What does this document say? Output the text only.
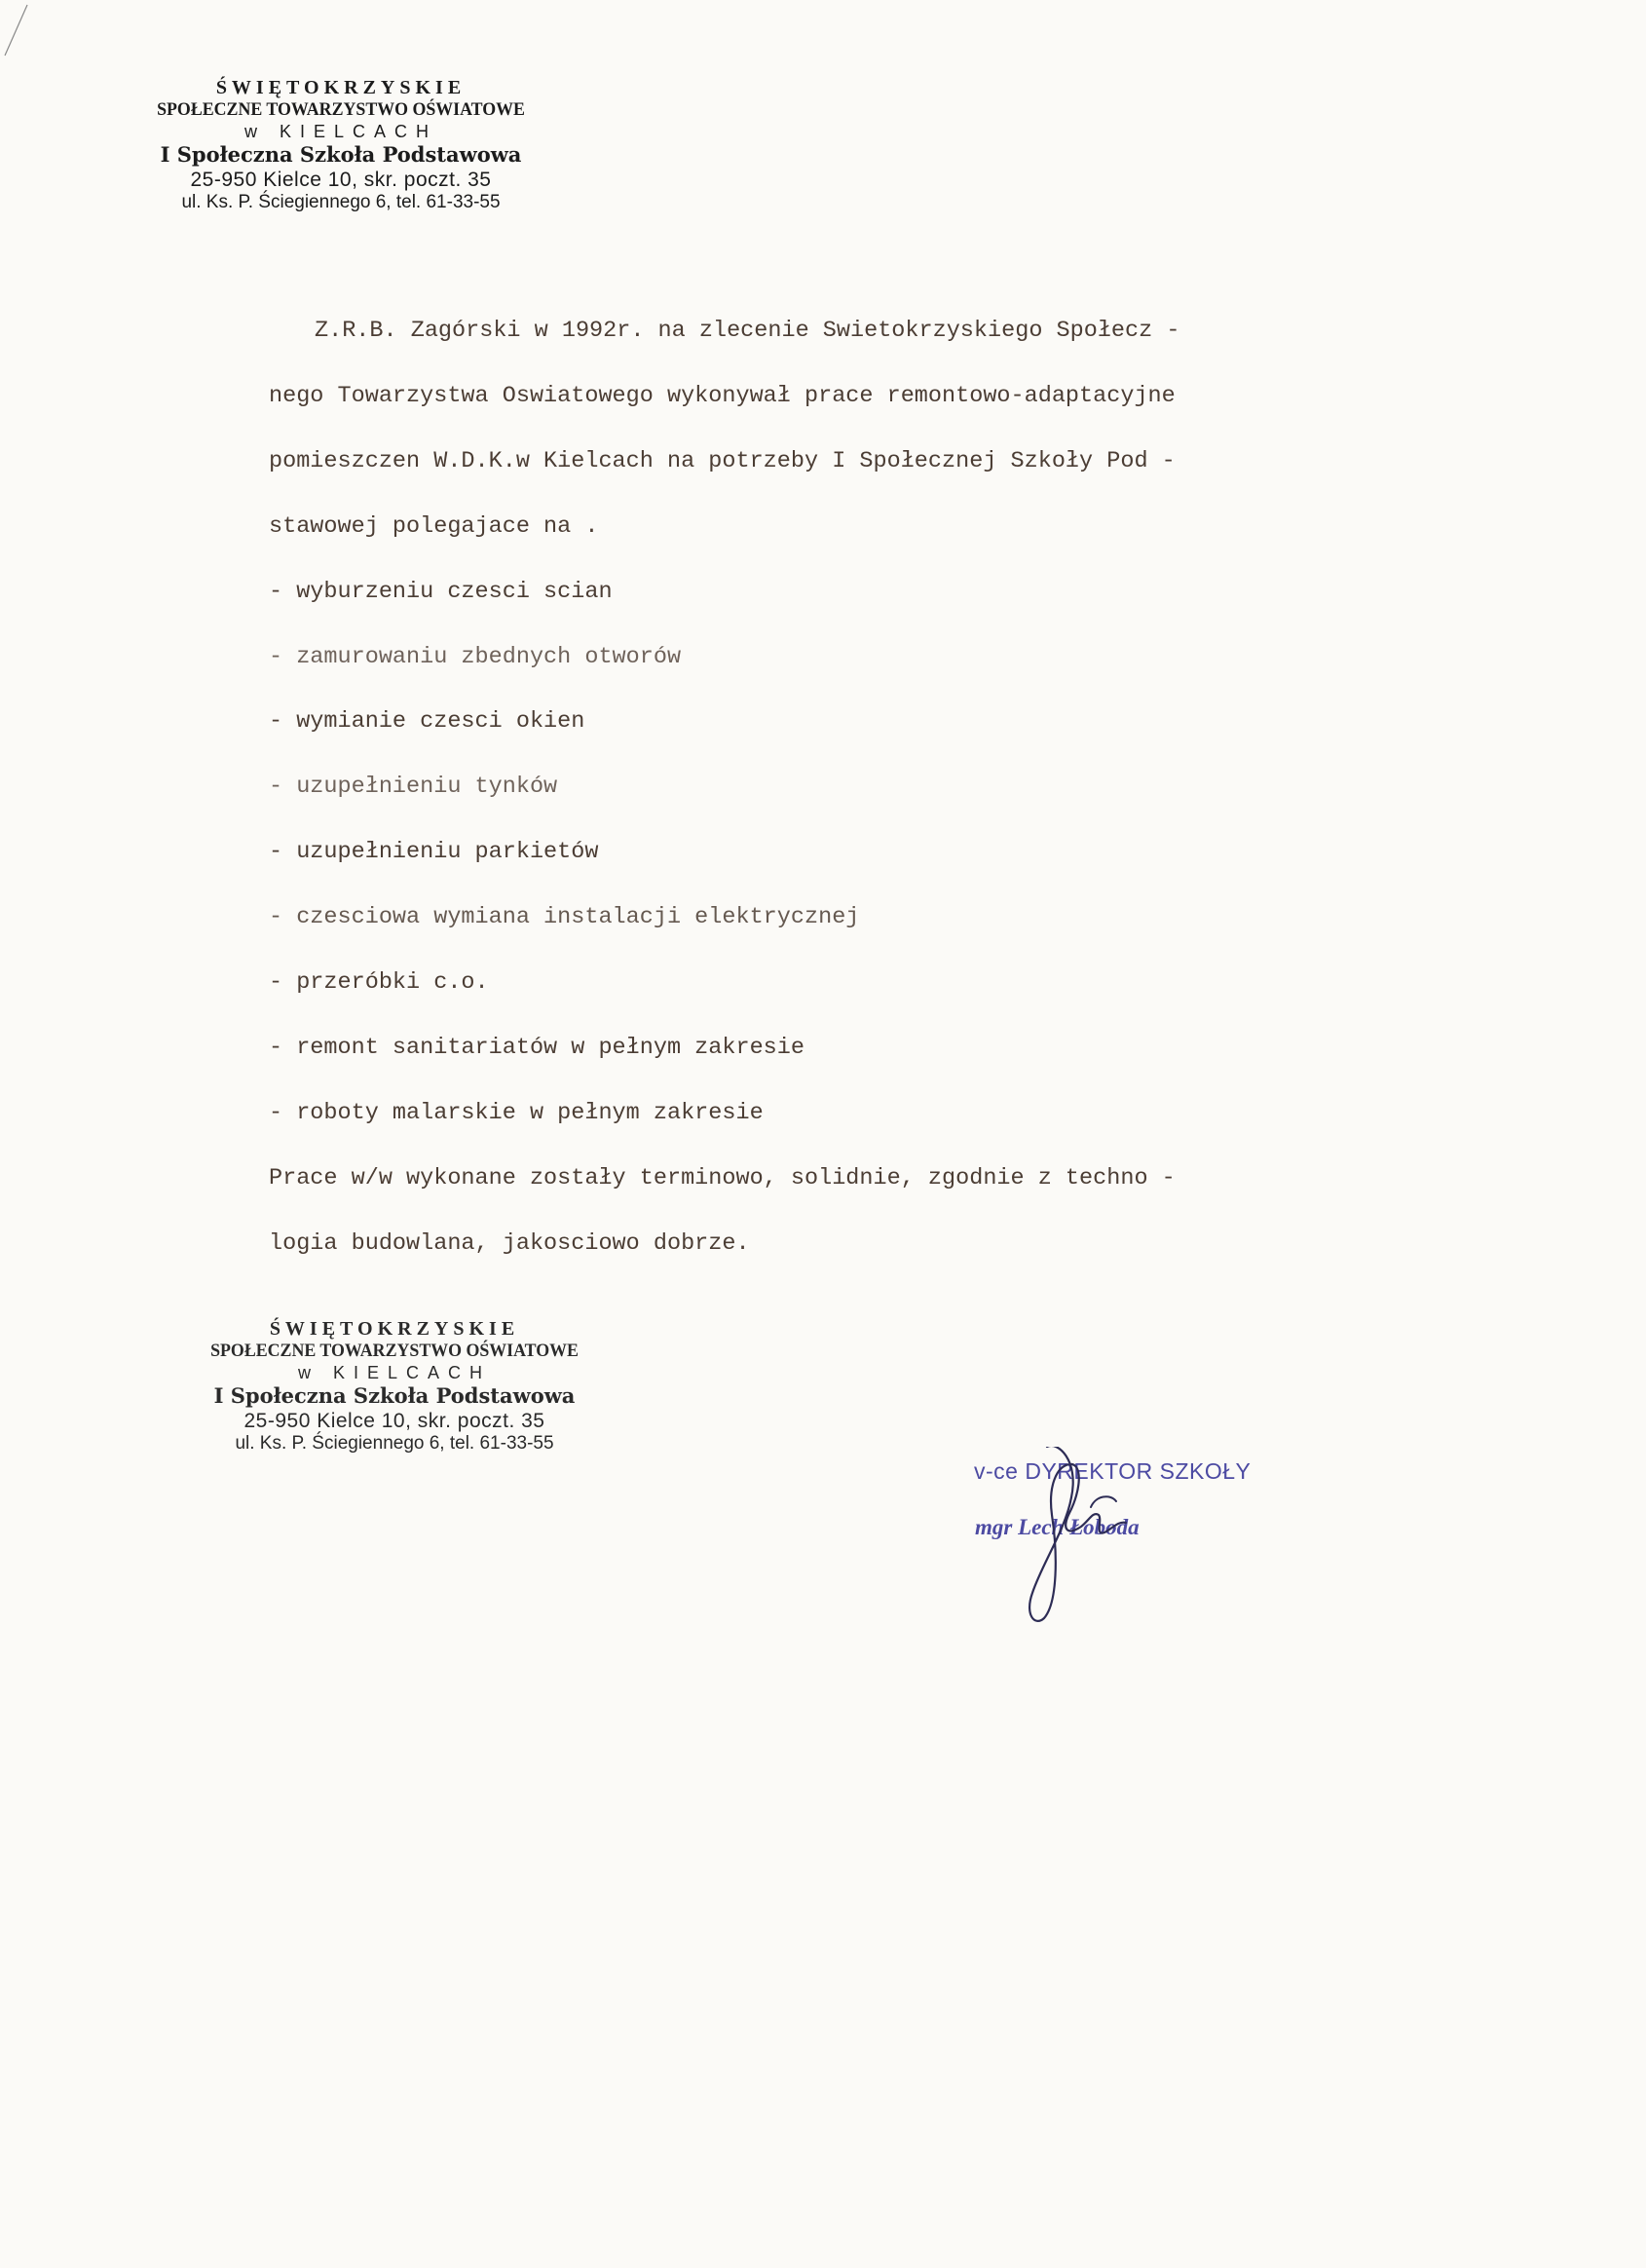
ŚWIĘTOKRZYSKIE
SPOŁECZNE TOWARZYSTWO OŚWIATOWE
w KIELCACH
I Społeczna Szkoła Podstawowa
25-950 Kielce 10, skr. poczt. 35
ul. Ks. P. Ściegiennego 6, tel. 61-33-55
Z.R.B. Zagórski w 1992r. na zlecenie Swietokrzyskiego Społecz -
nego Towarzystwa Oswiatowego wykonywał prace remontowo-adaptacyjne
pomieszczen W.D.K.w Kielcach na potrzeby I Społecznej Szkoły Pod -
stawowej polegajace na .
- wyburzeniu czesci scian
- zamurowaniu zbednych otworów
- wymianie czesci okien
- uzupełnieniu tynków
- uzupełnieniu parkietów
- czesciowa wymiana instalacji elektrycznej
- przeróbki c.o.
- remont sanitariatów w pełnym zakresie
- roboty malarskie w pełnym zakresie
Prace w/w wykonane zostały terminowo, solidnie, zgodnie z techno -
logia budowlana, jakosciowo dobrze.
ŚWIĘTOKRZYSKIE
SPOŁECZNE TOWARZYSTWO OŚWIATOWE
w KIELCACH
I Społeczna Szkoła Podstawowa
25-950 Kielce 10, skr. poczt. 35
ul. Ks. P. Ściegiennego 6, tel. 61-33-55
v-ce DYREKTOR SZKOŁY
mgr Lech Łoboda
